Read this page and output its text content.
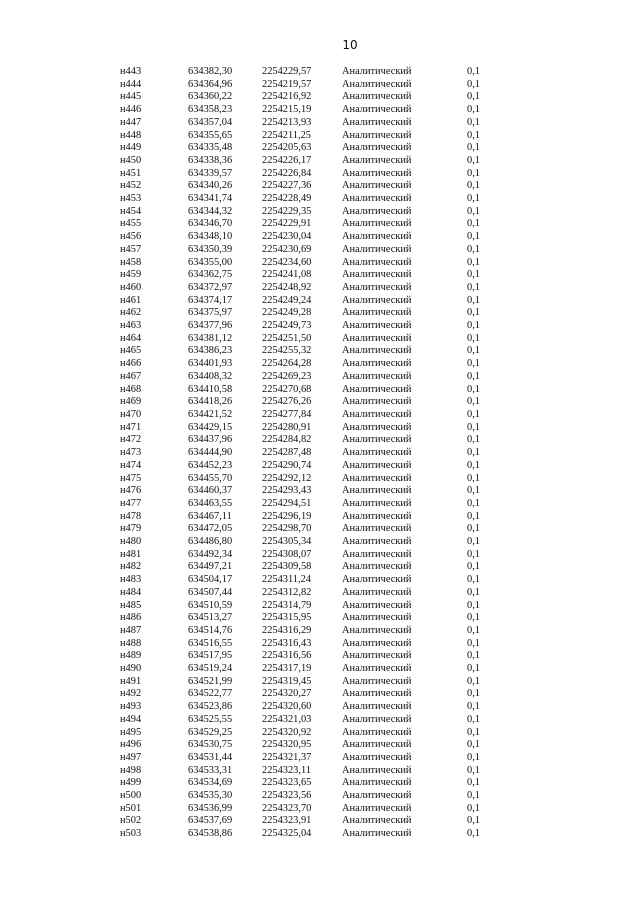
10
н443	634382,30	2254229,57	Аналитический	0,1
н444	634364,96	2254219,57	Аналитический	0,1
н445	634360,22	2254216,92	Аналитический	0,1
н446	634358,23	2254215,19	Аналитический	0,1
н447	634357,04	2254213,93	Аналитический	0,1
н448	634355,65	2254211,25	Аналитический	0,1
н449	634335,48	2254205,63	Аналитический	0,1
н450	634338,36	2254226,17	Аналитический	0,1
н451	634339,57	2254226,84	Аналитический	0,1
н452	634340,26	2254227,36	Аналитический	0,1
н453	634341,74	2254228,49	Аналитический	0,1
н454	634344,32	2254229,35	Аналитический	0,1
н455	634346,70	2254229,91	Аналитический	0,1
н456	634348,10	2254230,04	Аналитический	0,1
н457	634350,39	2254230,69	Аналитический	0,1
н458	634355,00	2254234,60	Аналитический	0,1
н459	634362,75	2254241,08	Аналитический	0,1
н460	634372,97	2254248,92	Аналитический	0,1
н461	634374,17	2254249,24	Аналитический	0,1
н462	634375,97	2254249,28	Аналитический	0,1
н463	634377,96	2254249,73	Аналитический	0,1
н464	634381,12	2254251,50	Аналитический	0,1
н465	634386,23	2254255,32	Аналитический	0,1
н466	634401,93	2254264,28	Аналитический	0,1
н467	634408,32	2254269,23	Аналитический	0,1
н468	634410,58	2254270,68	Аналитический	0,1
н469	634418,26	2254276,26	Аналитический	0,1
н470	634421,52	2254277,84	Аналитический	0,1
н471	634429,15	2254280,91	Аналитический	0,1
н472	634437,96	2254284,82	Аналитический	0,1
н473	634444,90	2254287,48	Аналитический	0,1
н474	634452,23	2254290,74	Аналитический	0,1
н475	634455,70	2254292,12	Аналитический	0,1
н476	634460,37	2254293,43	Аналитический	0,1
н477	634463,55	2254294,51	Аналитический	0,1
н478	634467,11	2254296,19	Аналитический	0,1
н479	634472,05	2254298,70	Аналитический	0,1
н480	634486,80	2254305,34	Аналитический	0,1
н481	634492,34	2254308,07	Аналитический	0,1
н482	634497,21	2254309,58	Аналитический	0,1
н483	634504,17	2254311,24	Аналитический	0,1
н484	634507,44	2254312,82	Аналитический	0,1
н485	634510,59	2254314,79	Аналитический	0,1
н486	634513,27	2254315,95	Аналитический	0,1
н487	634514,76	2254316,29	Аналитический	0,1
н488	634516,55	2254316,43	Аналитический	0,1
н489	634517,95	2254316,56	Аналитический	0,1
н490	634519,24	2254317,19	Аналитический	0,1
н491	634521,99	2254319,45	Аналитический	0,1
н492	634522,77	2254320,27	Аналитический	0,1
н493	634523,86	2254320,60	Аналитический	0,1
н494	634525,55	2254321,03	Аналитический	0,1
н495	634529,25	2254320,92	Аналитический	0,1
н496	634530,75	2254320,95	Аналитический	0,1
н497	634531,44	2254321,37	Аналитический	0,1
н498	634533,31	2254323,11	Аналитический	0,1
н499	634534,69	2254323,65	Аналитический	0,1
н500	634535,30	2254323,56	Аналитический	0,1
н501	634536,99	2254323,70	Аналитический	0,1
н502	634537,69	2254323,91	Аналитический	0,1
н503	634538,86	2254325,04	Аналитический	0,1
